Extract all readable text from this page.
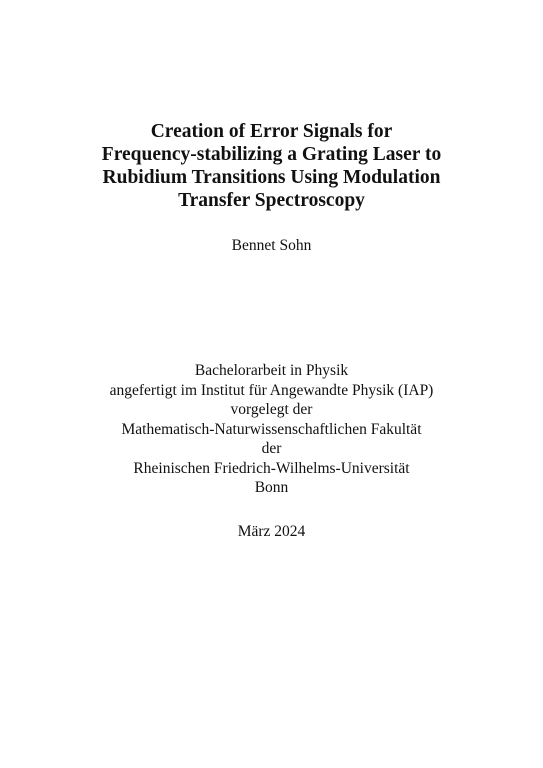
Creation of Error Signals for
Frequency-stabilizing a Grating Laser to
Rubidium Transitions Using Modulation
Transfer Spectroscopy
Bennet Sohn
Bachelorarbeit in Physik
angefertigt im Institut für Angewandte Physik (IAP)
vorgelegt der
Mathematisch-Naturwissenschaftlichen Fakultät
der
Rheinischen Friedrich-Wilhelms-Universität
Bonn
März 2024
